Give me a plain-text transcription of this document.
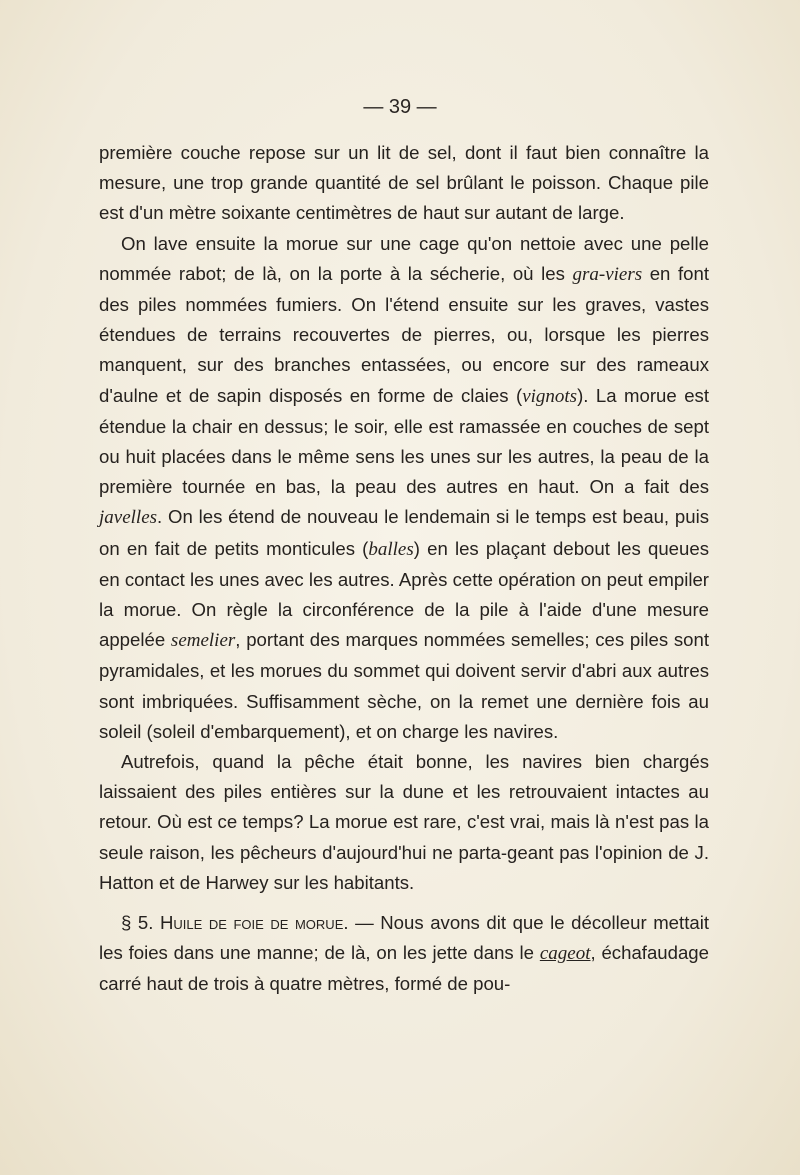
— 39 —

première couche repose sur un lit de sel, dont il faut bien connaître la mesure, une trop grande quantité de sel brûlant le poisson. Chaque pile est d'un mètre soixante centimètres de haut sur autant de large.

On lave ensuite la morue sur une cage qu'on nettoie avec une pelle nommée rabot; de là, on la porte à la sécherie, où les gra-viers en font des piles nommées fumiers. On l'étend ensuite sur les graves, vastes étendues de terrains recouvertes de pierres, ou, lorsque les pierres manquent, sur des branches entassées, ou encore sur des rameaux d'aulne et de sapin disposés en forme de claies (vignots). La morue est étendue la chair en dessus; le soir, elle est ramassée en couches de sept ou huit placées dans le même sens les unes sur les autres, la peau de la première tournée en bas, la peau des autres en haut. On a fait des javelles. On les étend de nouveau le lendemain si le temps est beau, puis on en fait de petits monticules (balles) en les plaçant debout les queues en contact les unes avec les autres. Après cette opération on peut empiler la morue. On règle la circonférence de la pile à l'aide d'une mesure appelée semelier, portant des marques nommées semelles; ces piles sont pyramidales, et les morues du sommet qui doivent servir d'abri aux autres sont imbriquées. Suffisamment sèche, on la remet une dernière fois au soleil (soleil d'embarquement), et on charge les navires.

Autrefois, quand la pêche était bonne, les navires bien chargés laissaient des piles entières sur la dune et les retrouvaient intactes au retour. Où est ce temps? La morue est rare, c'est vrai, mais là n'est pas la seule raison, les pêcheurs d'aujourd'hui ne parta-geant pas l'opinion de J. Hatton et de Harwey sur les habitants.

§ 5. Huile de foie de morue. — Nous avons dit que le décolleur mettait les foies dans une manne; de là, on les jette dans le cageot, échafaudage carré haut de trois à quatre mètres, formé de pou-
